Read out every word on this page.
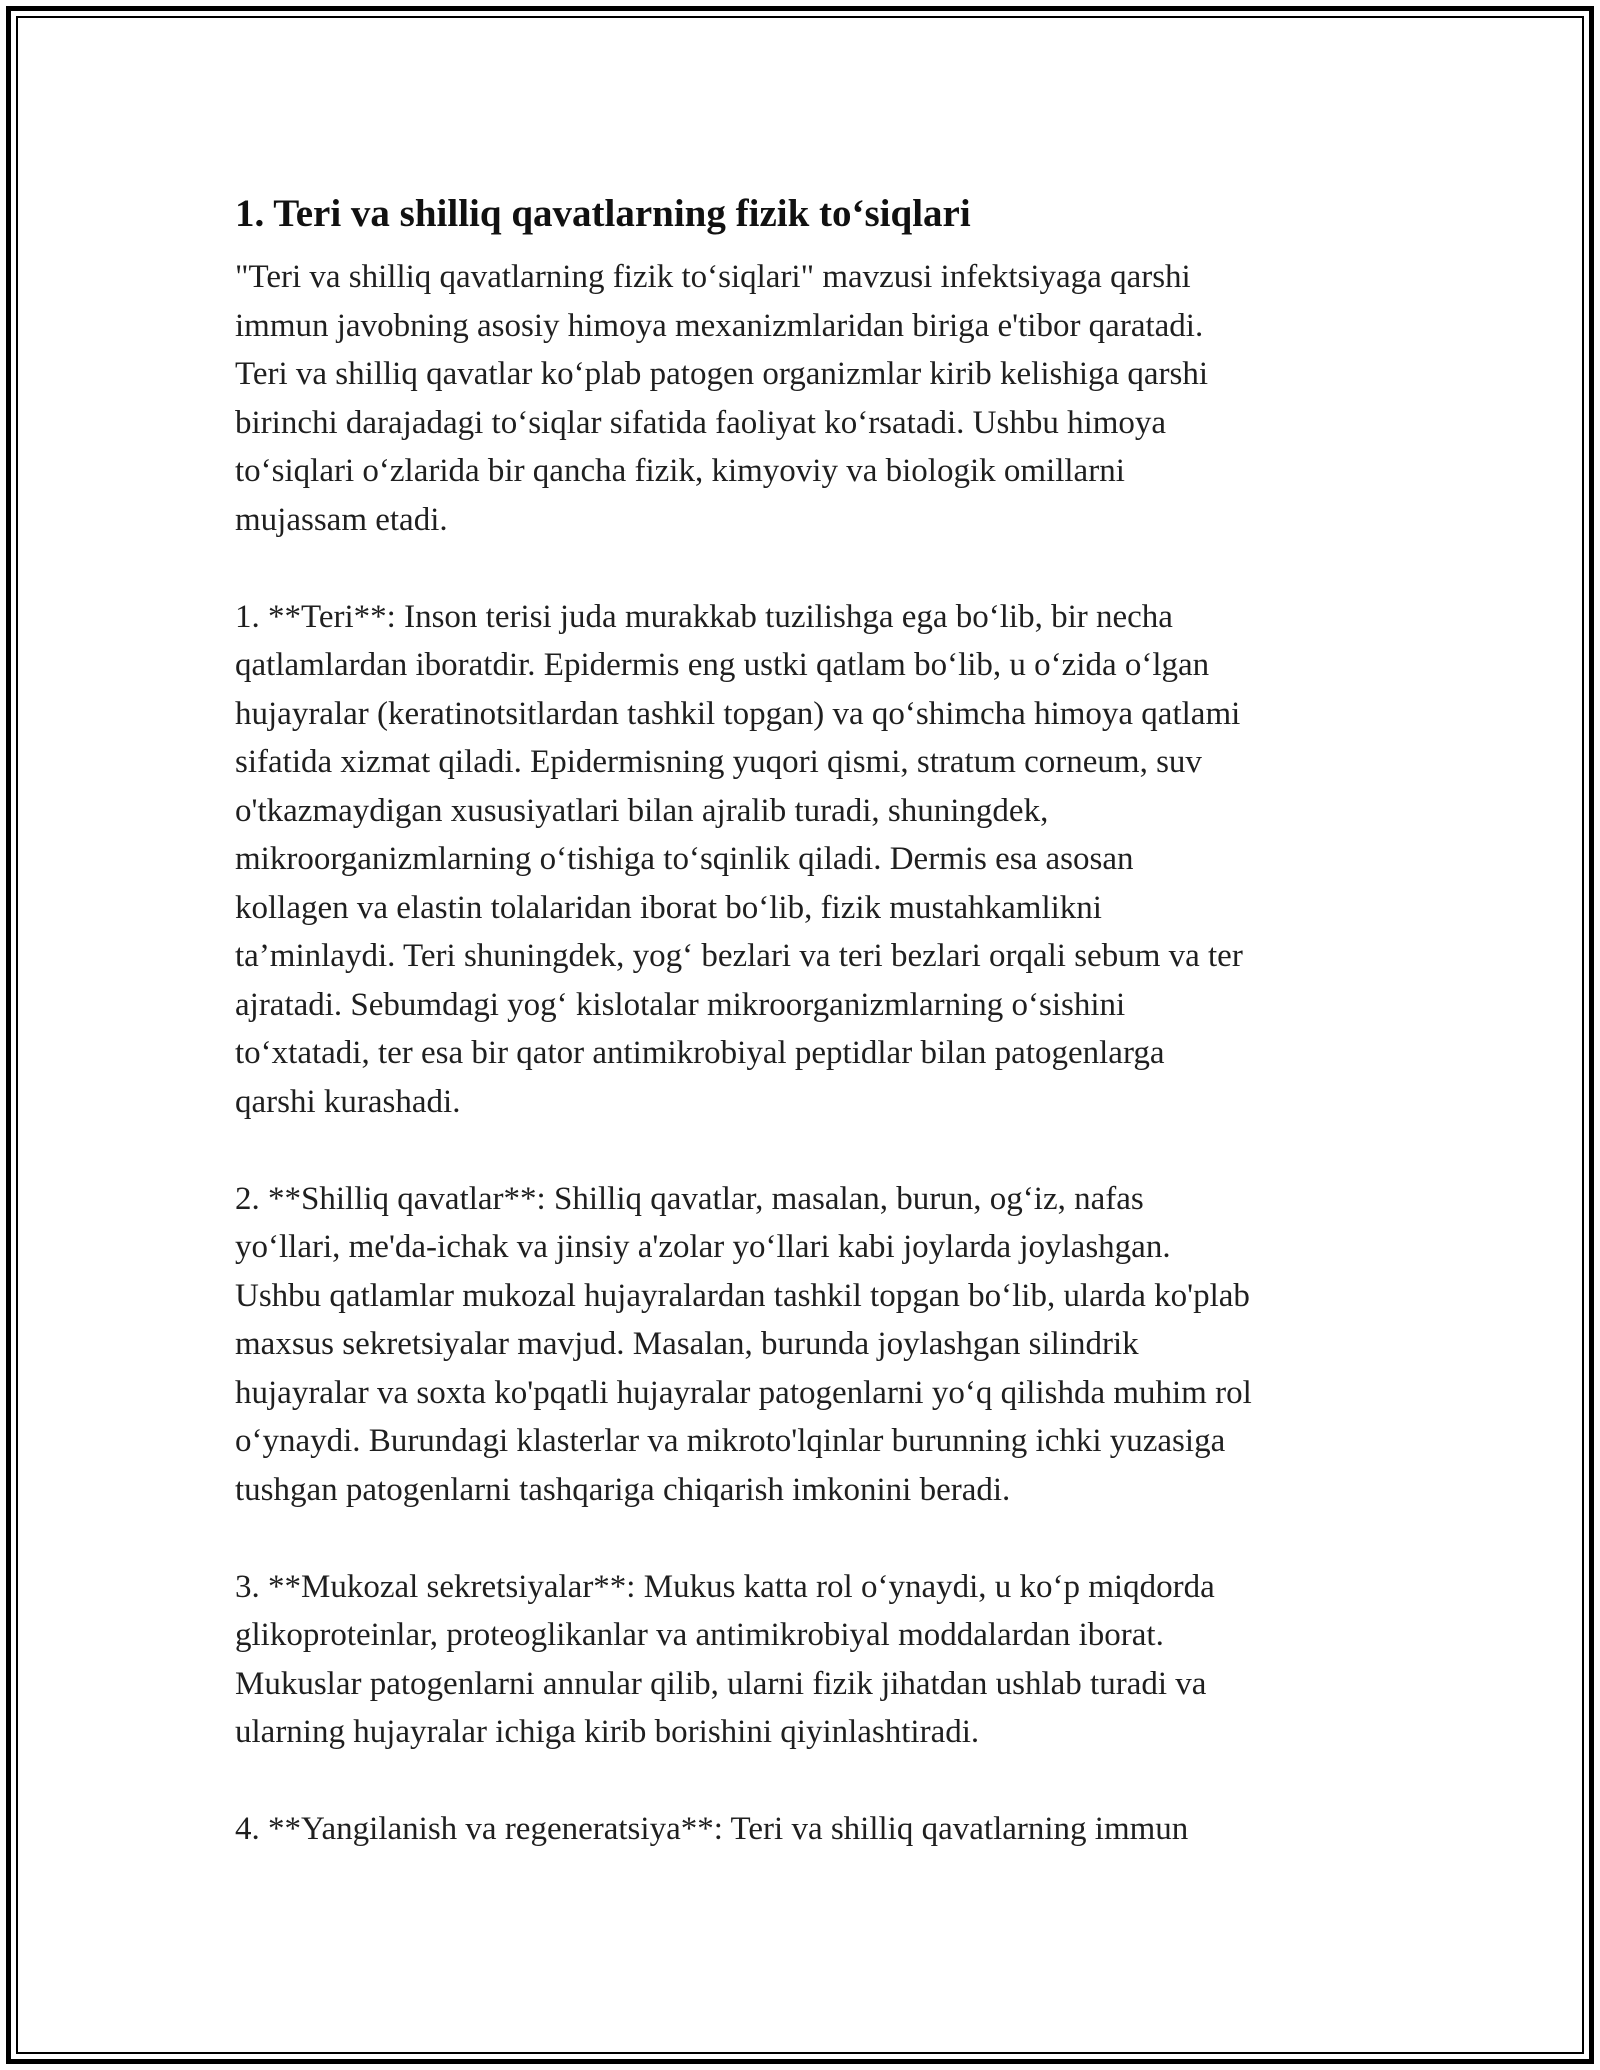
1. Teri va shilliq qavatlarning fizik to‘siqlari

"Teri va shilliq qavatlarning fizik to‘siqlari" mavzusi infektsiyaga qarshi
immun javobning asosiy himoya mexanizmlaridan biriga e'tibor qaratadi.
Teri va shilliq qavatlar ko‘plab patogen organizmlar kirib kelishiga qarshi
birinchi darajadagi to‘siqlar sifatida faoliyat ko‘rsatadi. Ushbu himoya
to‘siqlari o‘zlarida bir qancha fizik, kimyoviy va biologik omillarni
mujassam etadi.

1. **Teri**: Inson terisi juda murakkab tuzilishga ega bo‘lib, bir necha
qatlamlardan iboratdir. Epidermis eng ustki qatlam bo‘lib, u o‘zida o‘lgan
hujayralar (keratinotsitlardan tashkil topgan) va qo‘shimcha himoya qatlami
sifatida xizmat qiladi. Epidermisning yuqori qismi, stratum corneum, suv
o'tkazmaydigan xususiyatlari bilan ajralib turadi, shuningdek,
mikroorganizmlarning o‘tishiga to‘sqinlik qiladi. Dermis esa asosan
kollagen va elastin tolalaridan iborat bo‘lib, fizik mustahkamlikni
ta’minlaydi. Teri shuningdek, yog‘ bezlari va teri bezlari orqali sebum va ter
ajratadi. Sebumdagi yog‘ kislotalar mikroorganizmlarning o‘sishini
to‘xtatadi, ter esa bir qator antimikrobiyal peptidlar bilan patogenlarga
qarshi kurashadi.

2. **Shilliq qavatlar**: Shilliq qavatlar, masalan, burun, og‘iz, nafas
yo‘llari, me'da-ichak va jinsiy a'zolar yo‘llari kabi joylarda joylashgan.
Ushbu qatlamlar mukozal hujayralardan tashkil topgan bo‘lib, ularda ko'plab
maxsus sekretsiyalar mavjud. Masalan, burunda joylashgan silindrik
hujayralar va soxta ko'pqatli hujayralar patogenlarni yo‘q qilishda muhim rol
o‘ynaydi. Burundagi klasterlar va mikroto'lqinlar burunning ichki yuzasiga
tushgan patogenlarni tashqariga chiqarish imkonini beradi.

3. **Mukozal sekretsiyalar**: Mukus katta rol o‘ynaydi, u ko‘p miqdorda
glikoproteinlar, proteoglikanlar va antimikrobiyal moddalardan iborat.
Mukuslar patogenlarni annular qilib, ularni fizik jihatdan ushlab turadi va
ularning hujayralar ichiga kirib borishini qiyinlashtiradi.

4. **Yangilanish va regeneratsiya**: Teri va shilliq qavatlarning immun
